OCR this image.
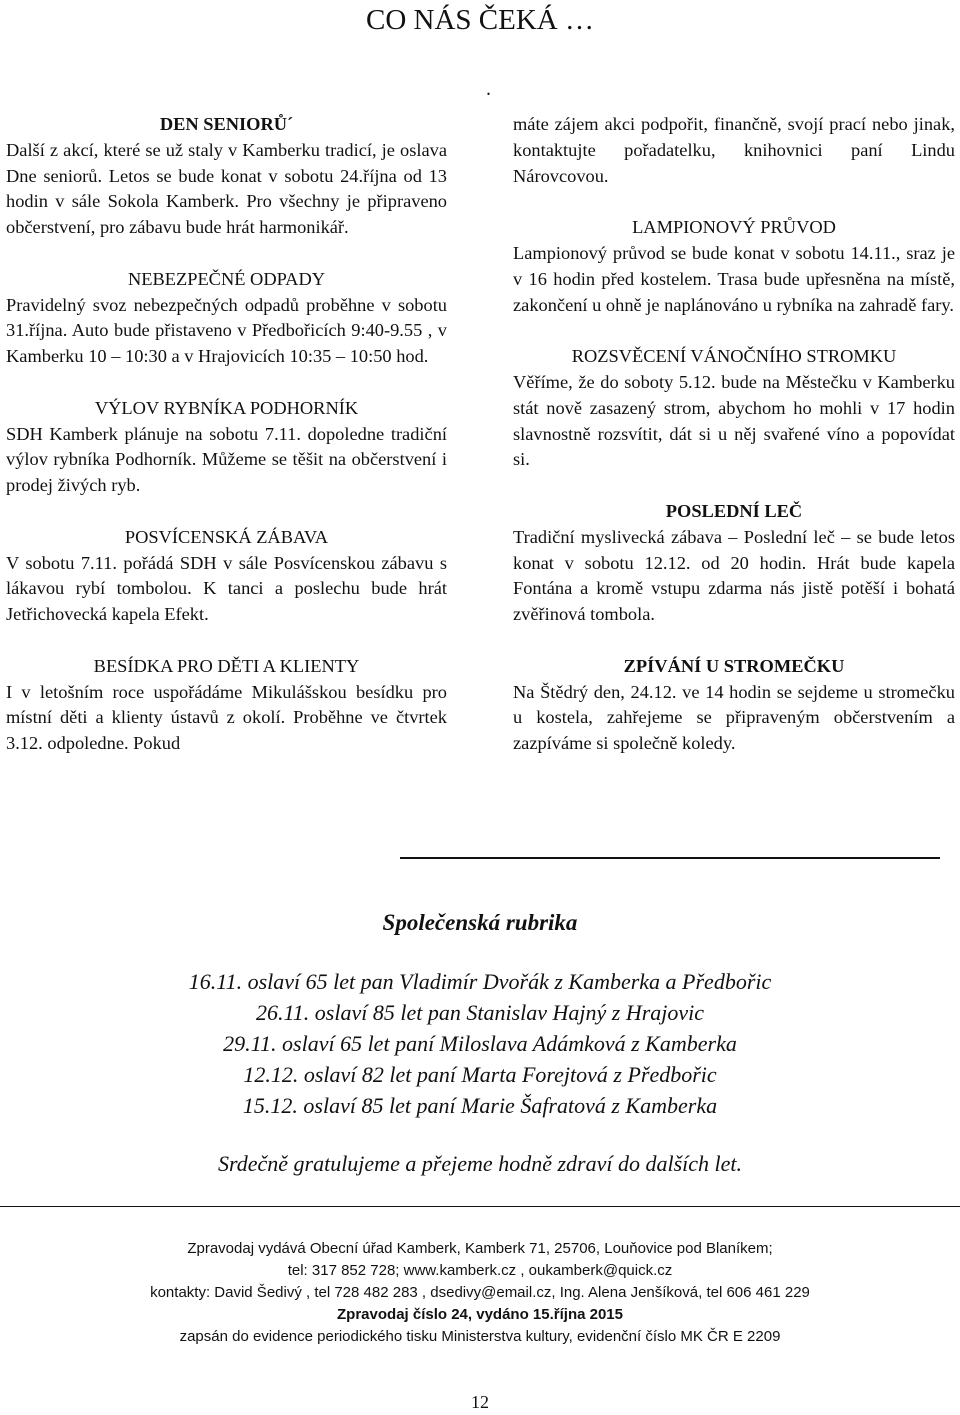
CO NÁS ČEKÁ …
.
DEN SENIORŮ´

Další z akcí, které se už staly v Kamberku tradicí, je oslava Dne seniorů. Letos se bude konat v sobotu 24.října od 13 hodin v sále Sokola Kamberk. Pro všechny je připraveno občerstvení, pro zábavu bude hrát harmonikář.

NEBEZPEČNÉ ODPADY

Pravidelný svoz nebezpečných odpadů proběhne v sobotu 31.října. Auto bude přistaveno v Předbořicích 9:40-9.55 , v Kamberku 10 – 10:30 a v Hrajovicích 10:35 – 10:50 hod.

VÝLOV RYBNÍKA PODHORNÍK

SDH Kamberk plánuje na sobotu 7.11. dopoledne tradiční výlov rybníka Podhorník. Můžeme se těšit na občerstvení i prodej živých ryb.

POSVÍCENSKÁ ZÁBAVA

V sobotu 7.11. pořádá SDH v sále Posvícenskou zábavu s lákavou rybí tombolou. K tanci a poslechu bude hrát Jetřichovecká kapela Efekt.

BESÍDKA PRO DĚTI A KLIENTY

I v letošním roce uspořádáme Mikulášskou besídku pro místní děti a klienty ústavů z okolí. Proběhne ve čtvrtek 3.12. odpoledne. Pokud

máte zájem akci podpořit, finančně, svojí prací nebo jinak, kontaktujte pořadatelku, knihovnici paní Lindu Nárovcovou.

LAMPIONOVÝ PRŮVOD

Lampionový průvod se bude konat v sobotu 14.11., sraz je v 16 hodin před kostelem. Trasa bude upřesněna na místě, zakončení u ohně je naplánováno u rybníka na zahradě fary.

ROZSVĚCENÍ VÁNOČNÍHO STROMKU

Věříme, že do soboty 5.12. bude na Městečku v Kamberku stát nově zasazený strom, abychom ho mohli v 17 hodin slavnostně rozsvítit, dát si u něj svařené víno a popovídat si.

POSLEDNÍ LEČ

Tradiční myslivecká zábava – Poslední leč – se bude letos konat v sobotu 12.12. od 20 hodin. Hrát bude kapela Fontána a kromě vstupu zdarma nás jistě potěší i bohatá zvěřinová tombola.

ZPÍVÁNÍ U STROMEČKU

Na Štědrý den, 24.12. ve 14 hodin se sejdeme u stromečku u kostela, zahřejeme se připraveným občerstvením a zazpíváme si společně koledy.

Společenská rubrika
16.11. oslaví 65 let pan Vladimír Dvořák z Kamberka a Předbořic
26.11. oslaví 85 let pan Stanislav Hajný z Hrajovic
29.11. oslaví 65 let paní Miloslava Adámková z Kamberka
12.12. oslaví 82 let paní Marta Forejtová z Předbořic
15.12. oslaví 85 let paní Marie Šafratová z Kamberka
Srdečně gratulujeme a přejeme hodně zdraví do dalších let.
Zpravodaj vydává Obecní úřad Kamberk, Kamberk 71, 25706, Louňovice pod Blaníkem;
tel: 317 852 728; www.kamberk.cz , oukamberk@quick.cz
kontakty: David Šedivý , tel 728 482 283 , dsedivy@email.cz, Ing. Alena Jenšíková, tel 606 461 229
Zpravodaj číslo 24, vydáno 15.října 2015
zapsán do evidence periodického tisku Ministerstva kultury, evidenční číslo MK ČR E 2209
12
